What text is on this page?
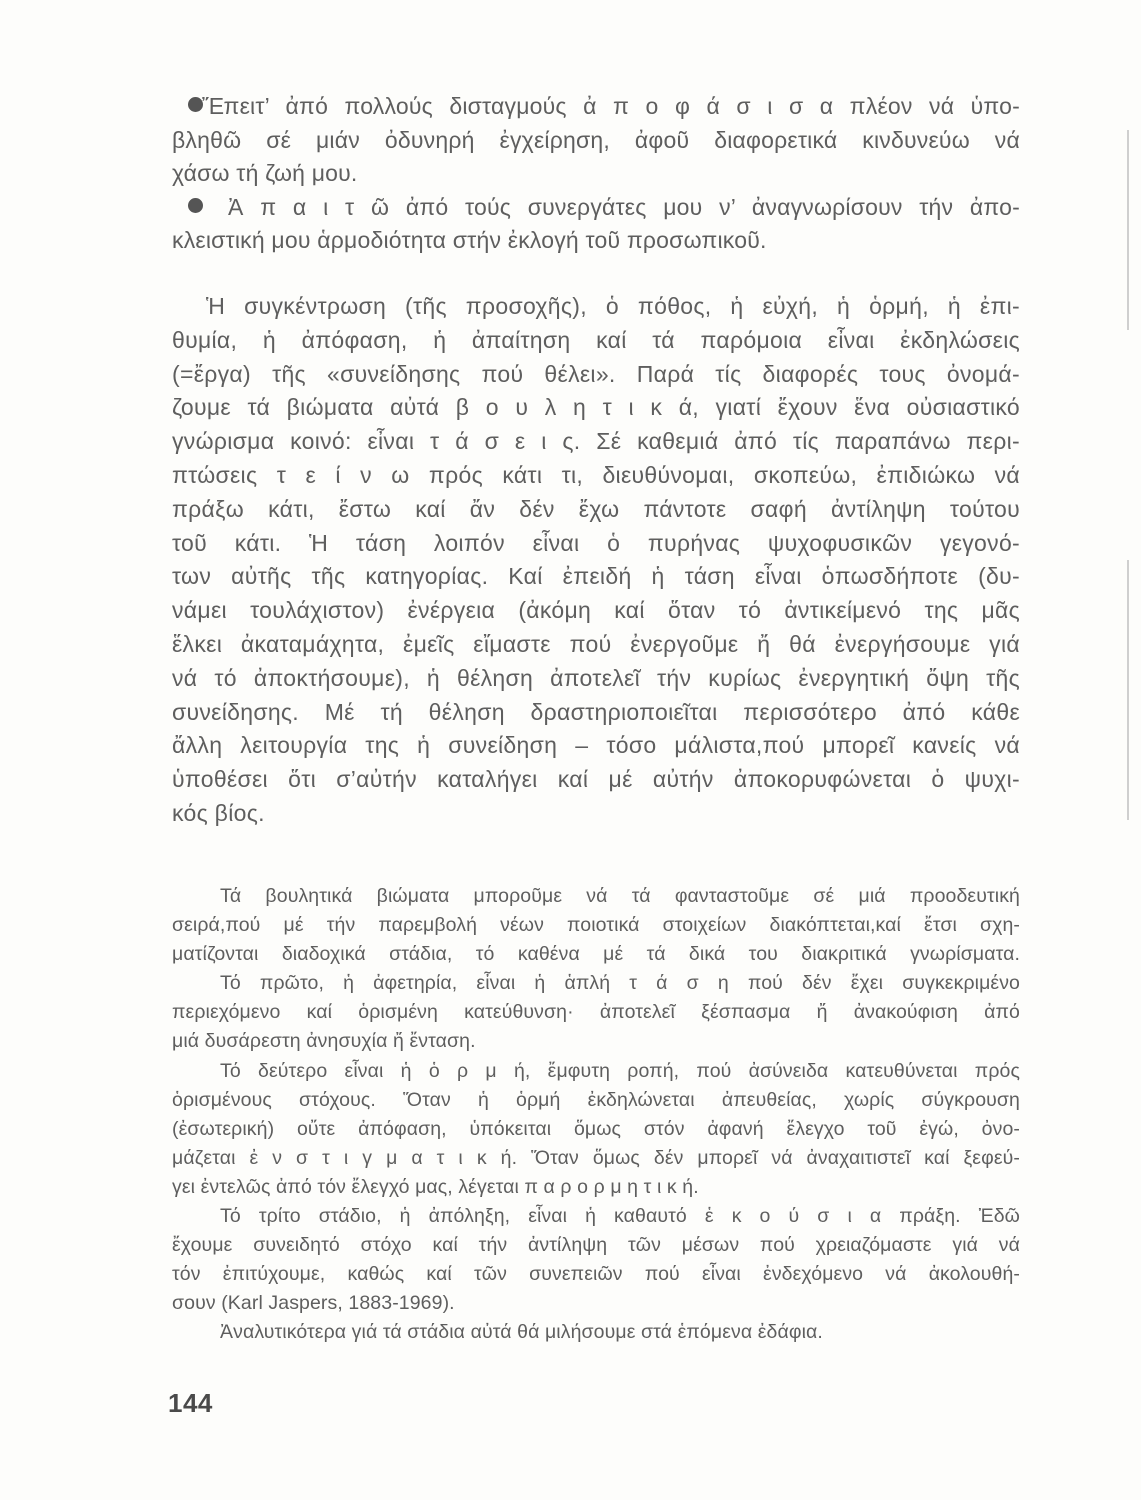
Ἔπειτ’ ἀπό πολλούς δισταγμούς ἀ π ο φ ά σ ι σ α πλέον νά ὑπο-
βληθῶ σέ μιάν ὀδυνηρή ἐγχείρηση, ἀφοῦ διαφορετικά κινδυνεύω νά
χάσω τή ζωή μου.
Ἀ π α ι τ ῶ ἀπό τούς συνεργάτες μου ν’ ἀναγνωρίσουν τήν ἀπο-
κλειστική μου ἁρμοδιότητα στήν ἐκλογή τοῦ προσωπικοῦ.
Ἡ συγκέντρωση (τῆς προσοχῆς), ὁ πόθος, ἡ εὐχή, ἡ ὁρμή, ἡ ἐπι-
θυμία, ἡ ἀπόφαση, ἡ ἀπαίτηση καί τά παρόμοια εἶναι ἐκδηλώσεις
(=ἔργα) τῆς «συνείδησης πού θέλει». Παρά τίς διαφορές τους ὀνομά-
ζουμε τά βιώματα αὐτά β ο υ λ η τ ι κ ά, γιατί ἔχουν ἕνα οὐσιαστικό
γνώρισμα κοινό: εἶναι τ ά σ ε ι ς. Σέ καθεμιά ἀπό τίς παραπάνω περι-
πτώσεις τ ε ί ν ω πρός κάτι τι, διευθύνομαι, σκοπεύω, ἐπιδιώκω νά
πράξω κάτι, ἔστω καί ἄν δέν ἔχω πάντοτε σαφή ἀντίληψη τούτου
τοῦ κάτι. Ἡ τάση λοιπόν εἶναι ὁ πυρήνας ψυχοφυσικῶν γεγονό-
των αὐτῆς τῆς κατηγορίας. Καί ἐπειδή ἡ τάση εἶναι ὁπωσδήποτε (δυ-
νάμει τουλάχιστον) ἐνέργεια (ἀκόμη καί ὅταν τό ἀντικείμενό της μᾶς
ἕλκει ἀκαταμάχητα, ἐμεῖς εἴμαστε πού ἐνεργοῦμε ἤ θά ἐνεργήσουμε γιά
νά τό ἀποκτήσουμε), ἡ θέληση ἀποτελεῖ τήν κυρίως ἐνεργητική ὄψη τῆς
συνείδησης. Μέ τή θέληση δραστηριοποιεῖται περισσότερο ἀπό κάθε
ἄλλη λειτουργία της ἡ συνείδηση – τόσο μάλιστα,πού μπορεῖ κανείς νά
ὑποθέσει ὅτι σ’αὐτήν καταλήγει καί μέ αὐτήν ἀποκορυφώνεται ὁ ψυχι-
κός βίος.
Τά βουλητικά βιώματα μποροῦμε νά τά φανταστοῦμε σέ μιά προοδευτική
σειρά,πού μέ τήν παρεμβολή νέων ποιοτικά στοιχείων διακόπτεται,καί ἔτσι σχη-
ματίζονται διαδοχικά στάδια, τό καθένα μέ τά δικά του διακριτικά γνωρίσματα.
Τό πρῶτο, ἡ ἀφετηρία, εἶναι ἡ ἁπλή τ ά σ η πού δέν ἔχει συγκεκριμένο
περιεχόμενο καί ὁρισμένη κατεύθυνση· ἀποτελεῖ ξέσπασμα ἤ ἀνακούφιση ἀπό
μιά δυσάρεστη ἀνησυχία ἤ ἔνταση.
Τό δεύτερο εἶναι ἡ ὁ ρ μ ή, ἔμφυτη ροπή, πού ἀσύνειδα κατευθύνεται πρός
ὁρισμένους στόχους. Ὅταν ἡ ὁρμή ἐκδηλώνεται ἀπευθείας, χωρίς σύγκρουση
(ἐσωτερική) οὔτε ἀπόφαση, ὑπόκειται ὅμως στόν ἀφανή ἔλεγχο τοῦ ἐγώ, ὀνο-
μάζεται ἐ ν σ τ ι γ μ α τ ι κ ή. Ὅταν ὅμως δέν μπορεῖ νά ἀναχαιτιστεῖ καί ξεφεύ-
γει ἐντελῶς ἀπό τόν ἔλεγχό μας, λέγεται π α ρ ο ρ μ η τ ι κ ή.
Τό τρίτο στάδιο, ἡ ἀπόληξη, εἶναι ἡ καθαυτό ἑ κ ο ύ σ ι α πράξη. Ἐδῶ
ἔχουμε συνειδητό στόχο καί τήν ἀντίληψη τῶν μέσων πού χρειαζόμαστε γιά νά
τόν ἐπιτύχουμε, καθώς καί τῶν συνεπειῶν πού εἶναι ἐνδεχόμενο νά ἀκολουθή-
σουν (Karl Jaspers, 1883-1969).
Ἀναλυτικότερα γιά τά στάδια αὐτά θά μιλήσουμε στά ἑπόμενα ἐδάφια.
144
